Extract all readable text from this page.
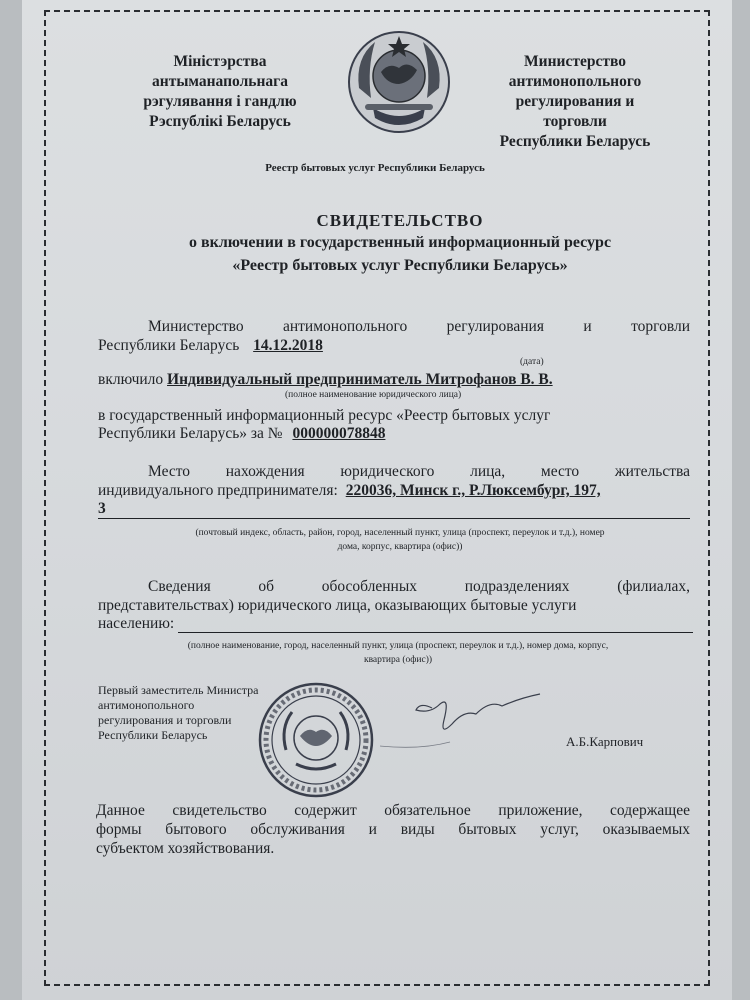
Міністэрства
антыманапольнага
рэгулявання і гандлю
Рэспублікі Беларусь
Министерство
антимонопольного
регулирования и
торговли
Республики Беларусь
Реестр бытовых услуг Республики Беларусь
СВИДЕТЕЛЬСТВО
о включении в государственный информационный ресурс
«Реестр бытовых услуг Республики Беларусь»
Министерство	антимонопольного	регулирования	и	торговли
Республики Беларусь 14.12.2018
(дата)
включило Индивидуальный предприниматель Митрофанов В. В.
(полное наименование юридического лица)
в государственный информационный ресурс «Реестр бытовых услуг
Республики Беларусь» за № 000000078848
Место нахождения юридического лица, место жительства
индивидуального предпринимателя: 220036, Минск г., Р.Люксембург, 197,
3
(почтовый индекс, область, район, город, населенный пункт, улица (проспект, переулок и т.д.), номер
дома, корпус, квартира (офис))
Сведения	об	обособленных	подразделениях	(филиалах,
представительствах) юридического лица, оказывающих бытовые услуги
населению:
(полное наименование, город, населенный пункт, улица (проспект, переулок и т.д.), номер дома, корпус,
квартира (офис))
Первый заместитель Министра
антимонопольного
регулирования и торговли
Республики Беларусь	А.Б.Карпович
Данное свидетельство содержит обязательное приложение, содержащее
формы бытового обслуживания и виды бытовых услуг, оказываемых
субъектом хозяйствования.
